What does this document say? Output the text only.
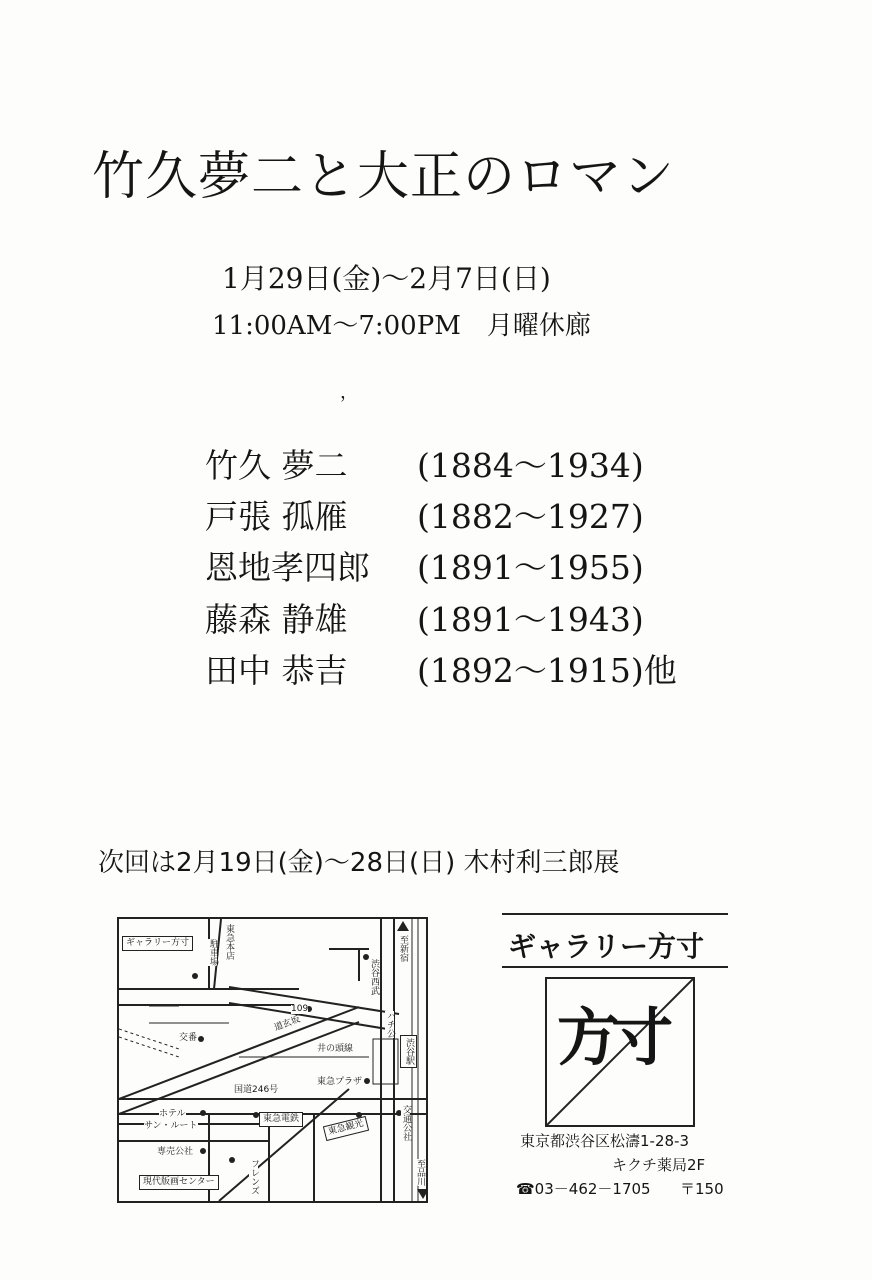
竹久夢二と大正のロマン
1月29日(金)～2月7日(日)
11:00AM～7:00PM　月曜休廊
，
竹久 夢二 (1884～1934)
戸張 孤雁 (1882～1927)
恩地孝四郎 (1891～1955)
藤森 静雄 (1891～1943)
田中 恭吉 (1892～1915)他
次回は2月19日(金)～28日(日) 木村利三郎展
ギャラリー方寸	東急本店
駐車場	至新宿
渋谷西武
109
交番
道玄坂
井の頭線
ハチ公
渋谷駅
国道246号
東急プラザ
ホテル
サン・ルート
東急電鉄	東急観光	交通公社
専売公社
フレンズ
現代版画センター	至品川
ギャラリー方寸
方寸
東京都渋谷区松濤1-28-3
キクチ薬局2F
☎03－462－1705 〒150
